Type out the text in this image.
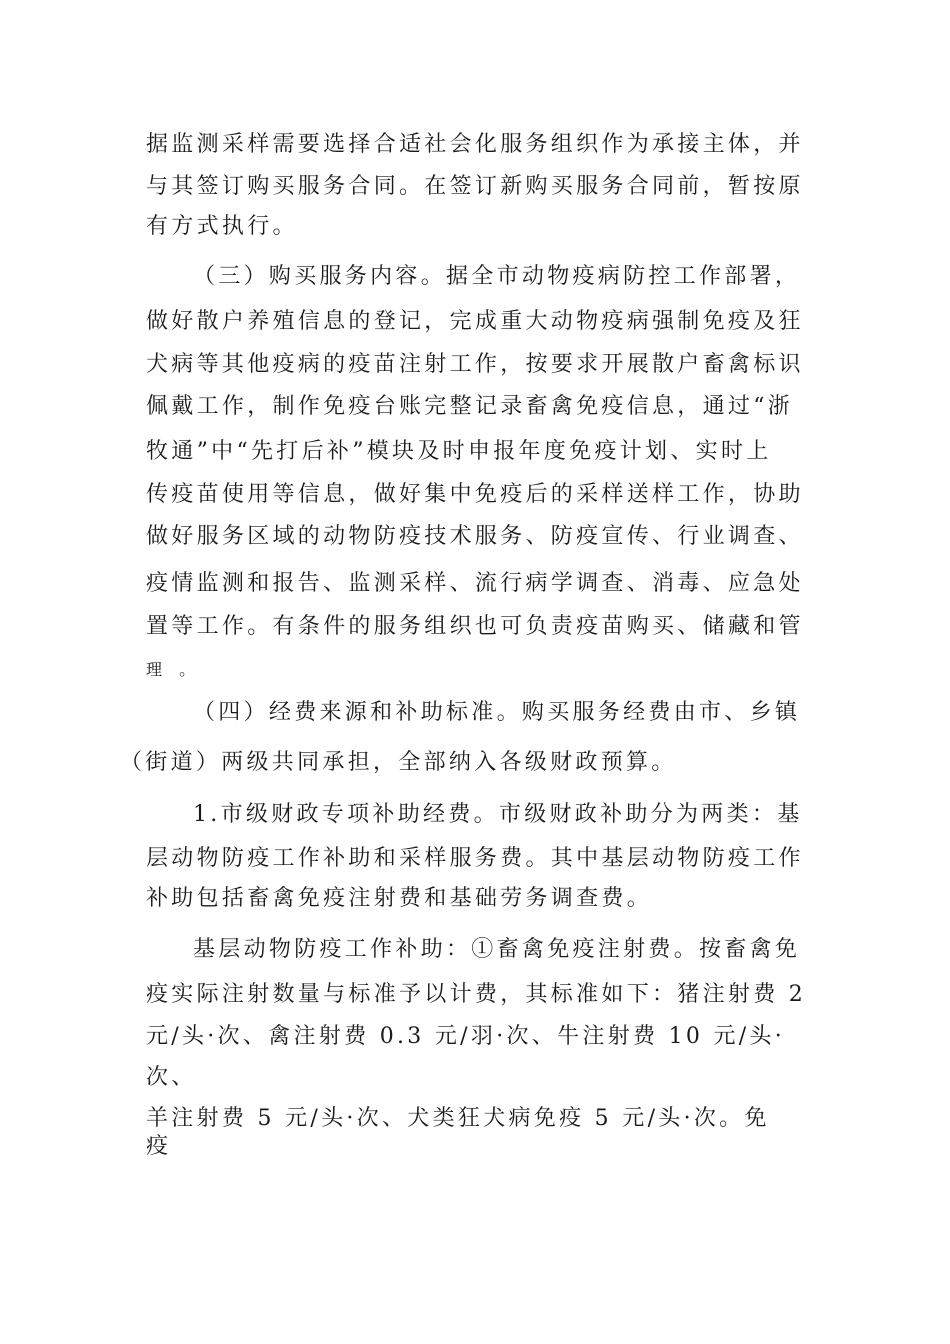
据监测采样需要选择合适社会化服务组织作为承接主体，并
与其签订购买服务合同。在签订新购买服务合同前，暂按原
有方式执行。
（三）购买服务内容。据全市动物疫病防控工作部署，
做好散户养殖信息的登记，完成重大动物疫病强制免疫及狂
犬病等其他疫病的疫苗注射工作，按要求开展散户畜禽标识
佩戴工作，制作免疫台账完整记录畜禽免疫信息，通过“浙
牧通”中“先打后补”模块及时申报年度免疫计划、实时上
传疫苗使用等信息，做好集中免疫后的采样送样工作，协助
做好服务区域的动物防疫技术服务、防疫宣传、行业调查、
疫情监测和报告、监测采样、流行病学调查、消毒、应急处
置等工作。有条件的服务组织也可负责疫苗购买、储藏和管
理 。
（四）经费来源和补助标准。购买服务经费由市、乡镇
（街道）两级共同承担，全部纳入各级财政预算。
1.市级财政专项补助经费。市级财政补助分为两类：基
层动物防疫工作补助和采样服务费。其中基层动物防疫工作
补助包括畜禽免疫注射费和基础劳务调查费。
基层动物防疫工作补助：①畜禽免疫注射费。按畜禽免
疫实际注射数量与标准予以计费，其标准如下：猪注射费 2
元/头·次、禽注射费 0.3 元/羽·次、牛注射费 10 元/头·
次、
羊注射费 5 元/头·次、犬类狂犬病免疫 5 元/头·次。免
疫
